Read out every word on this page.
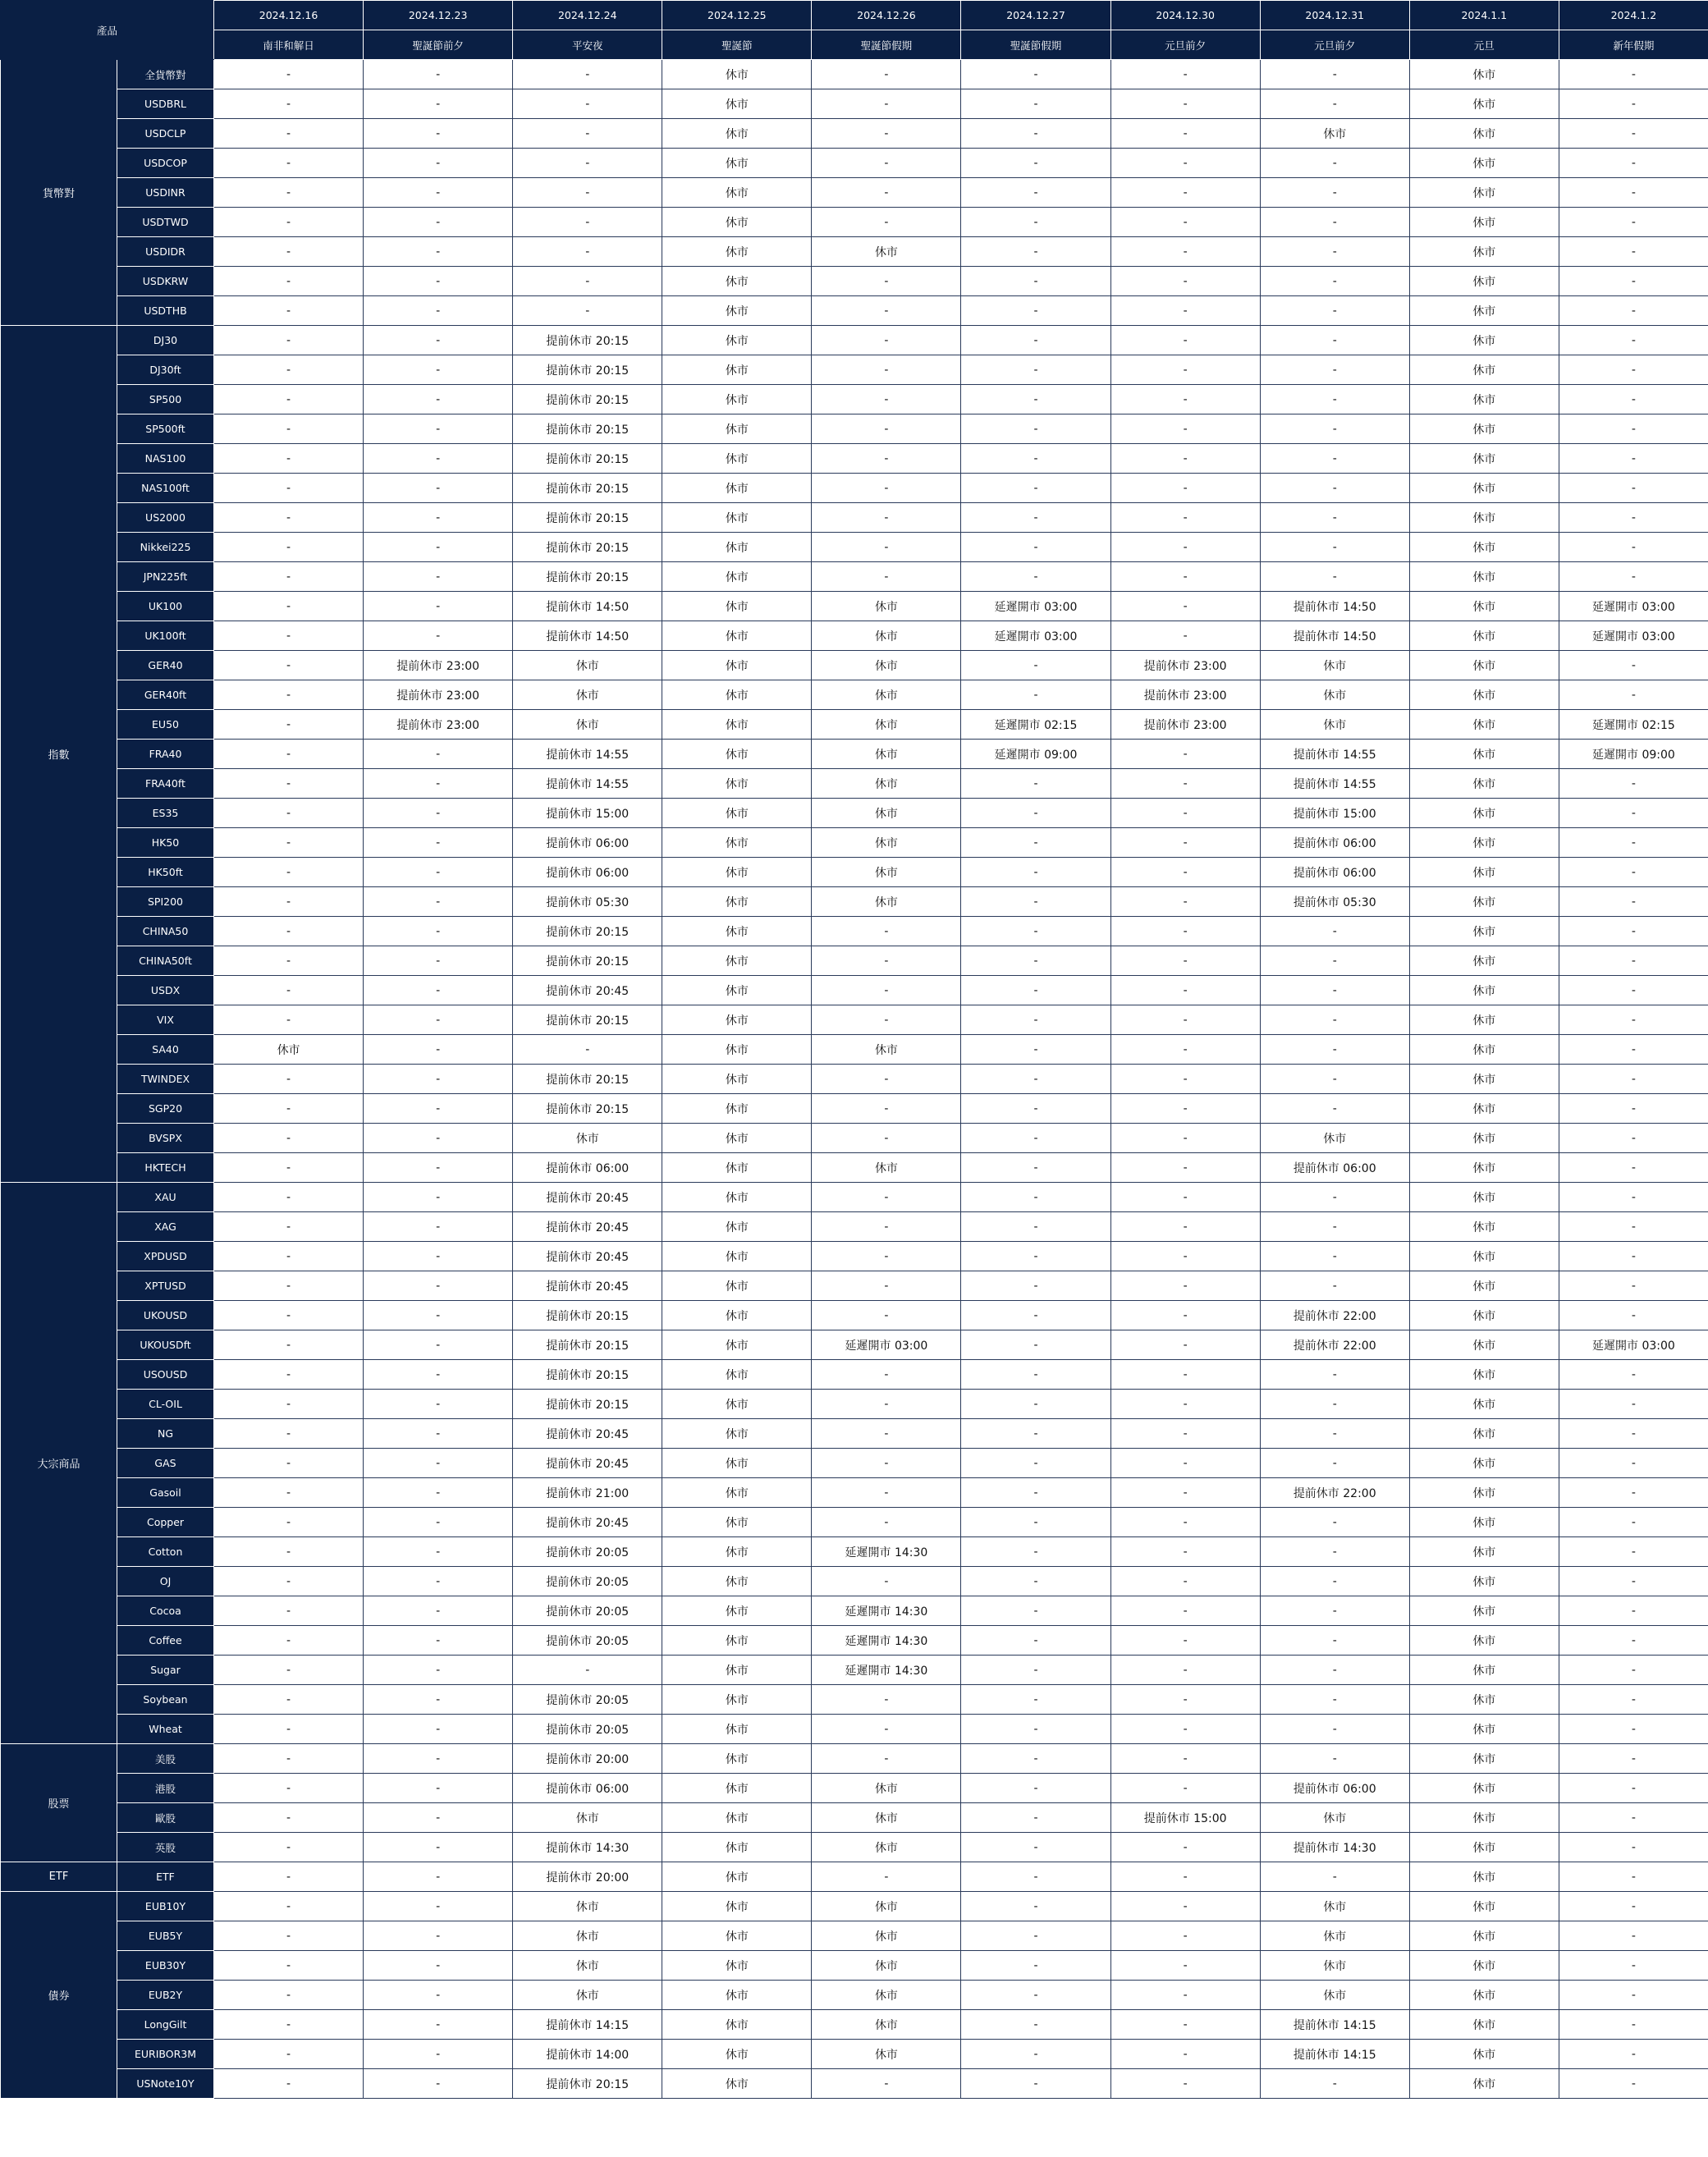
產品		2024.12.16	2024.12.23	2024.12.24	2024.12.25	2024.12.26	2024.12.27	2024.12.30	2024.12.31	2024.1.1	2024.1.2
		南非和解日	聖誕節前夕	平安夜	聖誕節	聖誕節假期	聖誕節假期	元旦前夕	元旦前夕	元旦	新年假期
貨幣對	全貨幣對	-	-	-	休市	-	-	-	-	休市	-
	USDBRL	-	-	-	休市	-	-	-	-	休市	-
	USDCLP	-	-	-	休市	-	-	-	休市	休市	-
	USDCOP	-	-	-	休市	-	-	-	-	休市	-
	USDINR	-	-	-	休市	-	-	-	-	休市	-
	USDTWD	-	-	-	休市	-	-	-	-	休市	-
	USDIDR	-	-	-	休市	休市	-	-	-	休市	-
	USDKRW	-	-	-	休市	-	-	-	-	休市	-
	USDTHB	-	-	-	休市	-	-	-	-	休市	-
指數	DJ30	-	-	提前休市 20:15	休市	-	-	-	-	休市	-
	DJ30ft	-	-	提前休市 20:15	休市	-	-	-	-	休市	-
	SP500	-	-	提前休市 20:15	休市	-	-	-	-	休市	-
	SP500ft	-	-	提前休市 20:15	休市	-	-	-	-	休市	-
	NAS100	-	-	提前休市 20:15	休市	-	-	-	-	休市	-
	NAS100ft	-	-	提前休市 20:15	休市	-	-	-	-	休市	-
	US2000	-	-	提前休市 20:15	休市	-	-	-	-	休市	-
	Nikkei225	-	-	提前休市 20:15	休市	-	-	-	-	休市	-
	JPN225ft	-	-	提前休市 20:15	休市	-	-	-	-	休市	-
	UK100	-	-	提前休市 14:50	休市	休市	延遲開市 03:00	-	提前休市 14:50	休市	延遲開市 03:00
	UK100ft	-	-	提前休市 14:50	休市	休市	延遲開市 03:00	-	提前休市 14:50	休市	延遲開市 03:00
	GER40	-	提前休市 23:00	休市	休市	休市	-	提前休市 23:00	休市	休市	-
	GER40ft	-	提前休市 23:00	休市	休市	休市	-	提前休市 23:00	休市	休市	-
	EU50	-	提前休市 23:00	休市	休市	休市	延遲開市 02:15	提前休市 23:00	休市	休市	延遲開市 02:15
	FRA40	-	-	提前休市 14:55	休市	休市	延遲開市 09:00	-	提前休市 14:55	休市	延遲開市 09:00
	FRA40ft	-	-	提前休市 14:55	休市	休市	-	-	提前休市 14:55	休市	-
	ES35	-	-	提前休市 15:00	休市	休市	-	-	提前休市 15:00	休市	-
	HK50	-	-	提前休市 06:00	休市	休市	-	-	提前休市 06:00	休市	-
	HK50ft	-	-	提前休市 06:00	休市	休市	-	-	提前休市 06:00	休市	-
	SPI200	-	-	提前休市 05:30	休市	休市	-	-	提前休市 05:30	休市	-
	CHINA50	-	-	提前休市 20:15	休市	-	-	-	-	休市	-
	CHINA50ft	-	-	提前休市 20:15	休市	-	-	-	-	休市	-
	USDX	-	-	提前休市 20:45	休市	-	-	-	-	休市	-
	VIX	-	-	提前休市 20:15	休市	-	-	-	-	休市	-
	SA40	休市	-	-	休市	休市	-	-	-	休市	-
	TWINDEX	-	-	提前休市 20:15	休市	-	-	-	-	休市	-
	SGP20	-	-	提前休市 20:15	休市	-	-	-	-	休市	-
	BVSPX	-	-	休市	休市	-	-	-	休市	休市	-
	HKTECH	-	-	提前休市 06:00	休市	休市	-	-	提前休市 06:00	休市	-
大宗商品	XAU	-	-	提前休市 20:45	休市	-	-	-	-	休市	-
	XAG	-	-	提前休市 20:45	休市	-	-	-	-	休市	-
	XPDUSD	-	-	提前休市 20:45	休市	-	-	-	-	休市	-
	XPTUSD	-	-	提前休市 20:45	休市	-	-	-	-	休市	-
	UKOUSD	-	-	提前休市 20:15	休市	-	-	-	提前休市 22:00	休市	-
	UKOUSDft	-	-	提前休市 20:15	休市	延遲開市 03:00	-	-	提前休市 22:00	休市	延遲開市 03:00
	USOUSD	-	-	提前休市 20:15	休市	-	-	-	-	休市	-
	CL-OIL	-	-	提前休市 20:15	休市	-	-	-	-	休市	-
	NG	-	-	提前休市 20:45	休市	-	-	-	-	休市	-
	GAS	-	-	提前休市 20:45	休市	-	-	-	-	休市	-
	Gasoil	-	-	提前休市 21:00	休市	-	-	-	提前休市 22:00	休市	-
	Copper	-	-	提前休市 20:45	休市	-	-	-	-	休市	-
	Cotton	-	-	提前休市 20:05	休市	延遲開市 14:30	-	-	-	休市	-
	OJ	-	-	提前休市 20:05	休市	-	-	-	-	休市	-
	Cocoa	-	-	提前休市 20:05	休市	延遲開市 14:30	-	-	-	休市	-
	Coffee	-	-	提前休市 20:05	休市	延遲開市 14:30	-	-	-	休市	-
	Sugar	-	-	-	休市	延遲開市 14:30	-	-	-	休市	-
	Soybean	-	-	提前休市 20:05	休市	-	-	-	-	休市	-
	Wheat	-	-	提前休市 20:05	休市	-	-	-	-	休市	-
股票	美股	-	-	提前休市 20:00	休市	-	-	-	-	休市	-
	港股	-	-	提前休市 06:00	休市	休市	-	-	提前休市 06:00	休市	-
	歐股	-	-	休市	休市	休市	-	提前休市 15:00	休市	休市	-
	英股	-	-	提前休市 14:30	休市	休市	-	-	提前休市 14:30	休市	-
ETF	ETF	-	-	提前休市 20:00	休市	-	-	-	-	休市	-
債券	EUB10Y	-	-	休市	休市	休市	-	-	休市	休市	-
	EUB5Y	-	-	休市	休市	休市	-	-	休市	休市	-
	EUB30Y	-	-	休市	休市	休市	-	-	休市	休市	-
	EUB2Y	-	-	休市	休市	休市	-	-	休市	休市	-
	LongGilt	-	-	提前休市 14:15	休市	休市	-	-	提前休市 14:15	休市	-
	EURIBOR3M	-	-	提前休市 14:00	休市	休市	-	-	提前休市 14:15	休市	-
	USNote10Y	-	-	提前休市 20:15	休市	-	-	-	-	休市	-
